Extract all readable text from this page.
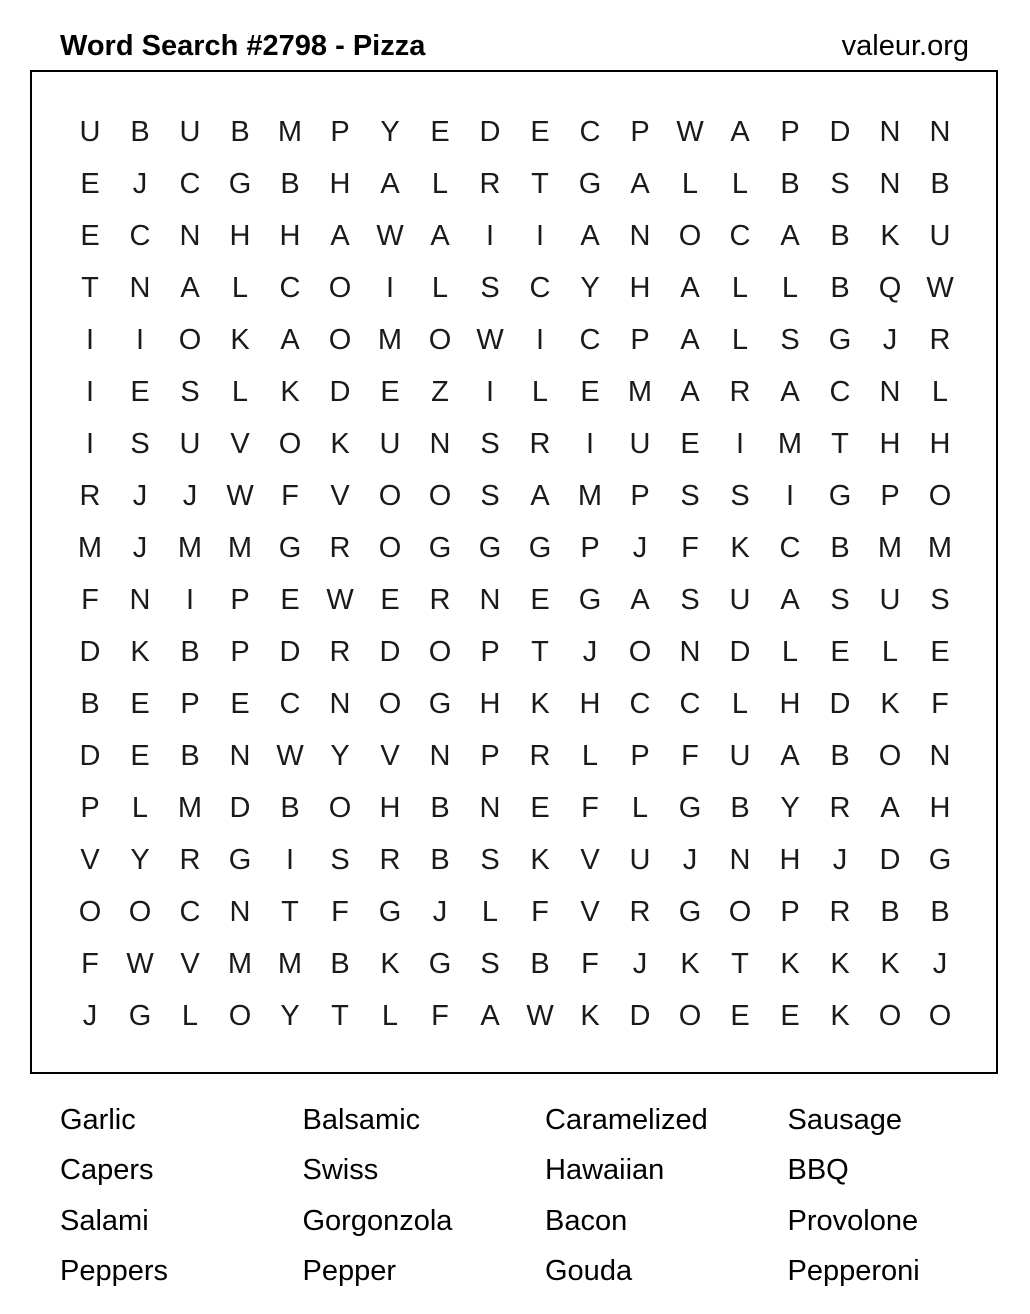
Word Search #2798 - Pizza	valeur.org
U	B	U	B M P	Y	E	D	E	C	P W A	P	D	N	N
E	J	C G	B	H	A	L	R	T	G	A	L	L	B	S	N	B
E	C	N	H	H	A W A	I	I	A	N O C	A	B	K	U
T	N	A	L	C O	I	L	S	C	Y	H	A	L	L	B	Q W
I	I	O	K	A	O M O W	I	C	P	A	L	S	G	J	R
I	E	S	L	K	D	E	Z	I	L	E M A	R	A	C	N	L
I	S	U	V	O	K	U	N	S	R	I	U	E	I	M	T	H	H
R	J	J	W F	V	O O	S	A M P	S	S	I	G	P	O
M	J	M M G R O G G G	P	J	F	K	C	B M M
F	N	I	P	E W E	R	N	E	G	A	S	U	A	S	U	S
D	K	B	P	D	R	D O	P	T	J	O N	D	L	E	L	E
B	E	P	E	C	N O G H	K	H	C	C	L	H	D	K	F
D	E	B	N W Y	V	N	P	R	L	P	F	U	A	B	O N
P	L	M D	B	O H	B	N	E	F	L	G	B	Y	R	A	H
V	Y	R G	I	S	R	B	S	K	V	U	J	N	H	J	D G
O O C	N	T	F	G	J	L	F	V	R G O	P	R	B	B
F W V M M B	K	G	S	B	F	J	K	T	K	K	K	J
J	G	L	O	Y	T	L	F	A W K	D O	E	E	K	O O
Garlic	Balsamic	Caramelized	Sausage
Capers	Swiss	Hawaiian	BBQ
Salami	Gorgonzola	Bacon	Provolone
Peppers	Pepper	Gouda	Pepperoni
